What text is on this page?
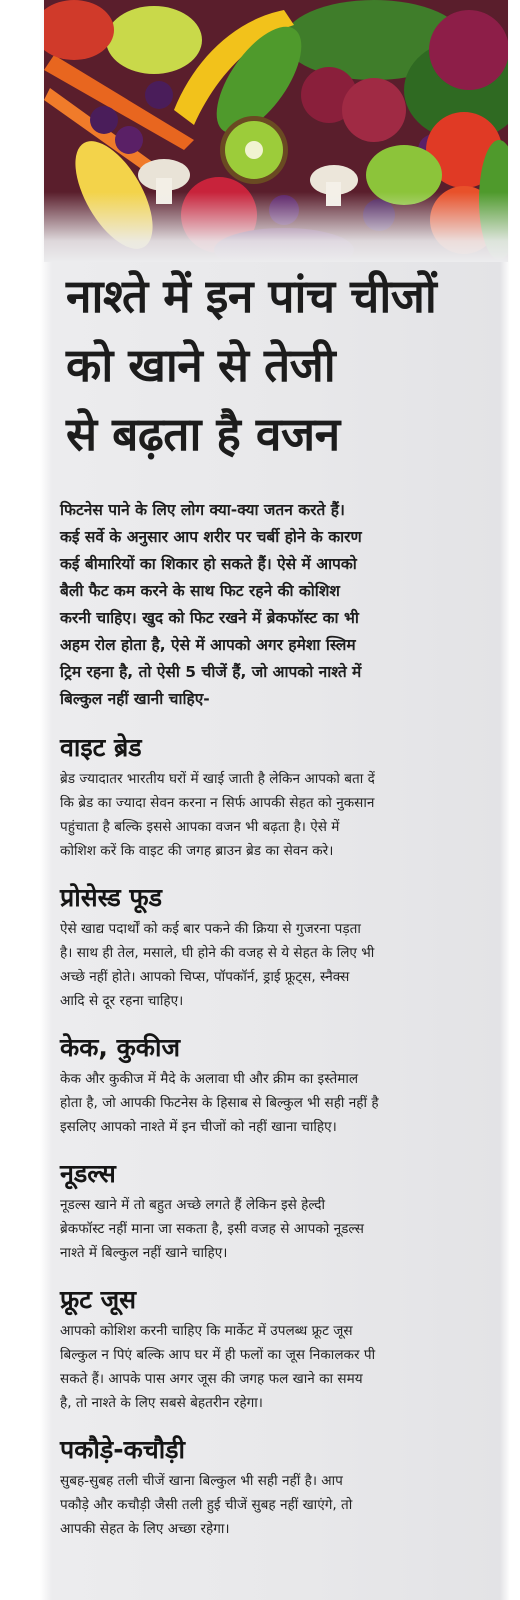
नाश्ते में इन पांच चीजों
को खाने से तेजी
से बढ़ता है वजन

फिटनेस पाने के लिए लोग क्या-क्या जतन करते हैं।
कई सर्वे के अनुसार आप शरीर पर चर्बी होने के कारण
कई बीमारियों का शिकार हो सकते हैं। ऐसे में आपको
बैली फैट कम करने के साथ फिट रहने की कोशिश
करनी चाहिए। खुद को फिट रखने में ब्रेकफॉस्ट का भी
अहम रोल होता है, ऐसे में आपको अगर हमेशा स्लिम
ट्रिम रहना है, तो ऐसी 5 चीजें हैं, जो आपको नाश्ते में
बिल्कुल नहीं खानी चाहिए-

वाइट ब्रेड

ब्रेड ज्यादातर भारतीय घरों में खाई जाती है लेकिन आपको बता दें
कि ब्रेड का ज्यादा सेवन करना न सिर्फ आपकी सेहत को नुकसान
पहुंचाता है बल्कि इससे आपका वजन भी बढ़ता है। ऐसे में
कोशिश करें कि वाइट की जगह ब्राउन ब्रेड का सेवन करे।

प्रोसेस्ड फूड

ऐसे खाद्य पदार्थों को कई बार पकने की क्रिया से गुजरना पड़ता
है। साथ ही तेल, मसाले, घी होने की वजह से ये सेहत के लिए भी
अच्छे नहीं होते। आपको चिप्स, पॉपकॉर्न, ड्राई फ्रूट्स, स्नैक्स
आदि से दूर रहना चाहिए।

केक, कुकीज

केक और कुकीज में मैदे के अलावा घी और क्रीम का इस्तेमाल
होता है, जो आपकी फिटनेस के हिसाब से बिल्कुल भी सही नहीं है
इसलिए आपको नाश्ते में इन चीजों को नहीं खाना चाहिए।

नूडल्स

नूडल्स खाने में तो बहुत अच्छे लगते हैं लेकिन इसे हेल्दी
ब्रेकफॉस्ट नहीं माना जा सकता है, इसी वजह से आपको नूडल्स
नाश्ते में बिल्कुल नहीं खाने चाहिए।

फ्रूट जूस

आपको कोशिश करनी चाहिए कि मार्केट में उपलब्ध फ्रूट जूस
बिल्कुल न पिएं बल्कि आप घर में ही फलों का जूस निकालकर पी
सकते हैं। आपके पास अगर जूस की जगह फल खाने का समय
है, तो नाश्ते के लिए सबसे बेहतरीन रहेगा।

पकौड़े-कचौड़ी

सुबह-सुबह तली चीजें खाना बिल्कुल भी सही नहीं है। आप
पकौड़े और कचौड़ी जैसी तली हुई चीजें सुबह नहीं खाएंगे, तो
आपकी सेहत के लिए अच्छा रहेगा।
